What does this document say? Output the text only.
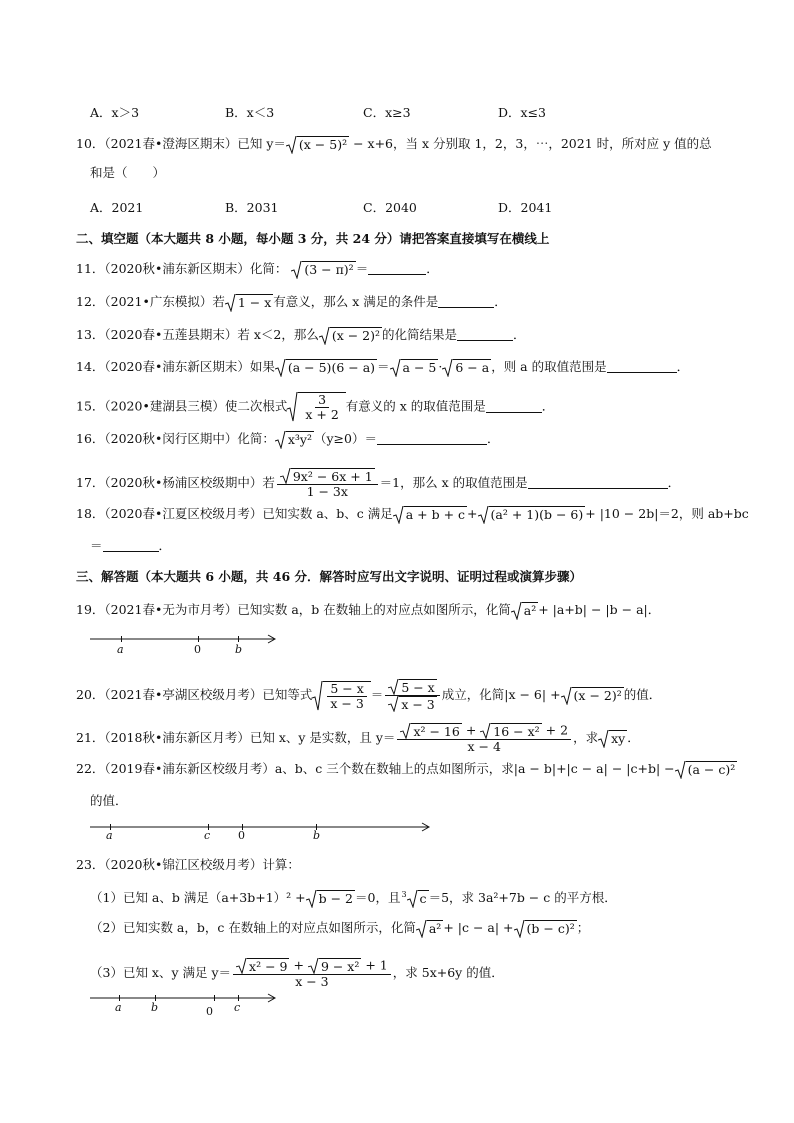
A．x＞3	B．x＜3	C．x≥3	D．x≤3
10．（2021春•澄海区期末）已知 y＝ (x − 5)² − x+6，当 x 分别取 1，2，3，⋯，2021 时，所对应 y 值的总
和是（　　）
A．2021	B．2031	C．2040	D．2041
二、填空题（本大题共 8 小题，每小题 3 分，共 24 分）请把答案直接填写在横线上
11．（2020秋•浦东新区期末）化简： (3 − π)² ＝	．
12．（2021•广东模拟）若 1 − x 有意义，那么 x 满足的条件是	．
13．（2020春•五莲县期末）若 x＜2，那么 (x − 2)² 的化简结果是	．
14．（2020春•浦东新区期末）如果 (a − 5)(6 − a) ＝ a − 5 · 6 − a ，则 a 的取值范围是	．
15．（2020•建湖县三模）使二次根式 $\frac{3}{x + 2}$ 有意义的 x 的取值范围是	．
16．（2020秋•闵行区期中）化简： x³y² （y≥0）＝	．
17．（2020秋•杨浦区校级期中）若 $\frac{\text{9x² − 6x + 1}}{1 - 3x} =1$，那么 x 的取值范围是	．
18．（2020春•江夏区校级月考）已知实数 a、b、c 满足 a + b + c + (a² + 1)(b − 6) + |10 − 2b|＝2，则 ab+bc
＝	．
三、解答题（本大题共 6 小题，共 46 分．解答时应写出文字说明、证明过程或演算步骤）
19．（2021春•无为市月考）已知实数 a，b 在数轴上的对应点如图所示，化简 a² + |a+b| − |b − a|．
a	0	b
20．（2021春•亭湖区校级月考）已知等式 $\frac{5 - x}{x - 3} = \frac{5 - x}{x - 3}$ 成立，化简|x − 6| + (x − 2)² 的值．
21．（2018秋•浦东新区月考）已知 x、y 是实数，且 $y= \frac{\text{x² − 16 + 16 − x² + 2}}{x - 4}$ ，求 xy ．
22．（2019春•浦东新区校级月考）a、b、c 三个数在数轴上的点如图所示，求|a − b|+|c − a| − |c+b| − (a − c)²
的值．
a	c	0	b
23．（2020秋•锦江区校级月考）计算：
（1）已知 a、b 满足（a+3b+1）² + b − 2 ＝0，且$^3$ c ＝5，求 3a²+7b − c 的平方根．
（2）已知实数 a，b，c 在数轴上的对应点如图所示，化简 a² + |c − a| + (b − c)² ；
（3）已知 x、y 满足 $y= \frac{\text{x² − 9 + 9 − x² + 1}}{x - 3}$ ，求 5x+6y 的值．
a	b	0 c
